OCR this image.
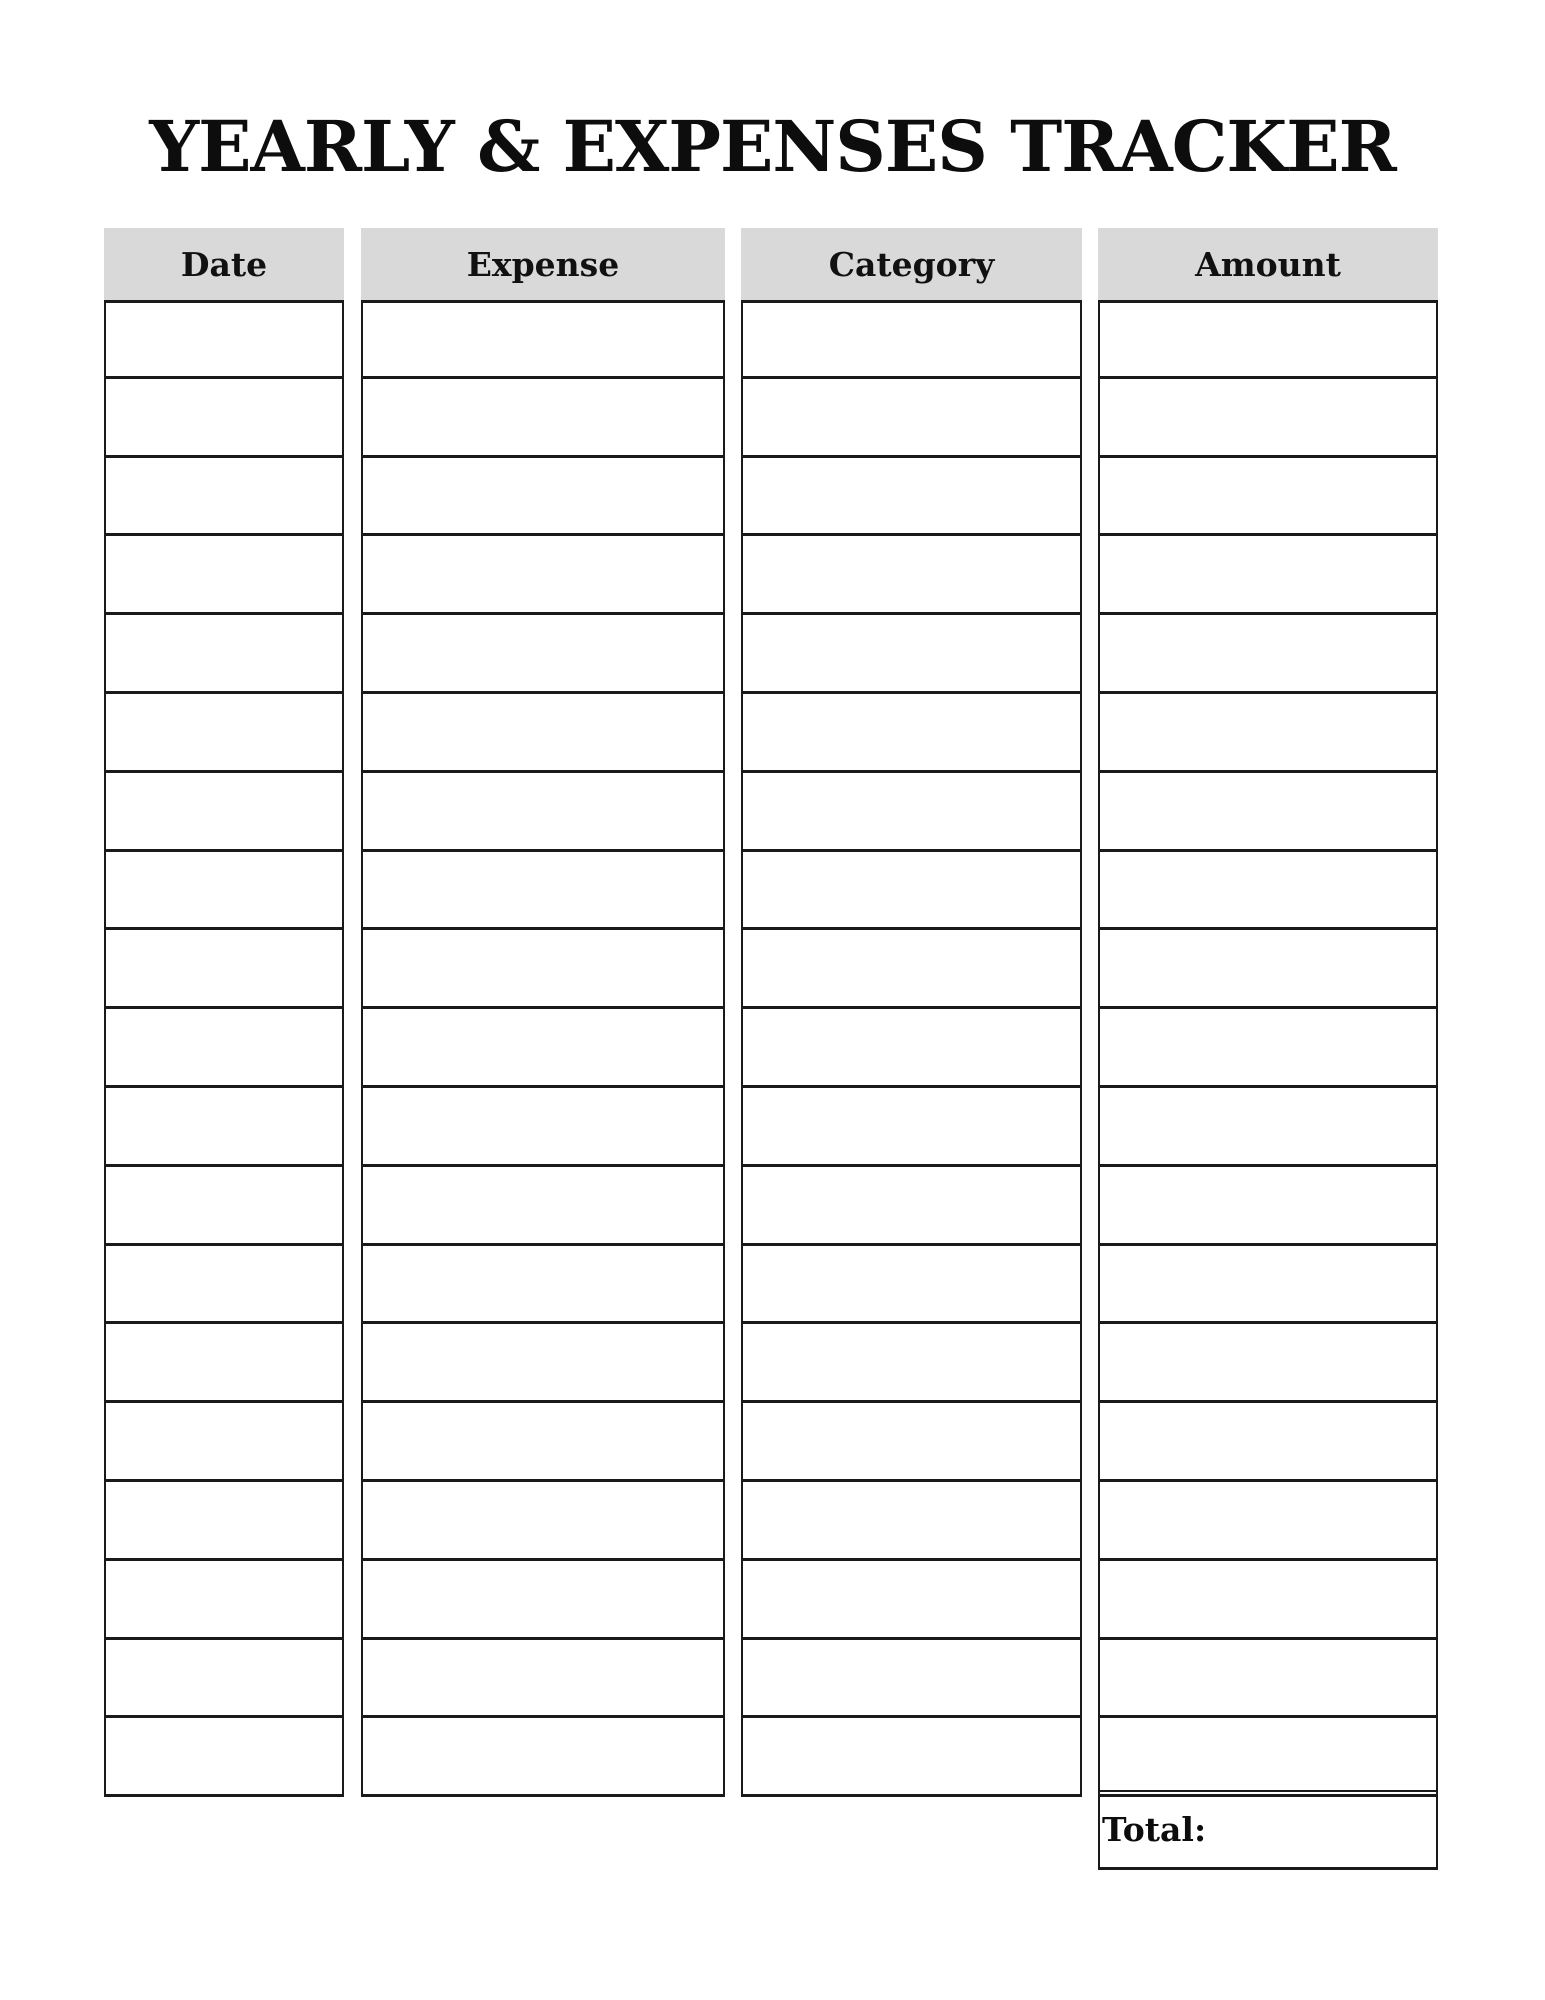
YEARLY & EXPENSES TRACKER
Date	Expense	Category	Amount
Total:
